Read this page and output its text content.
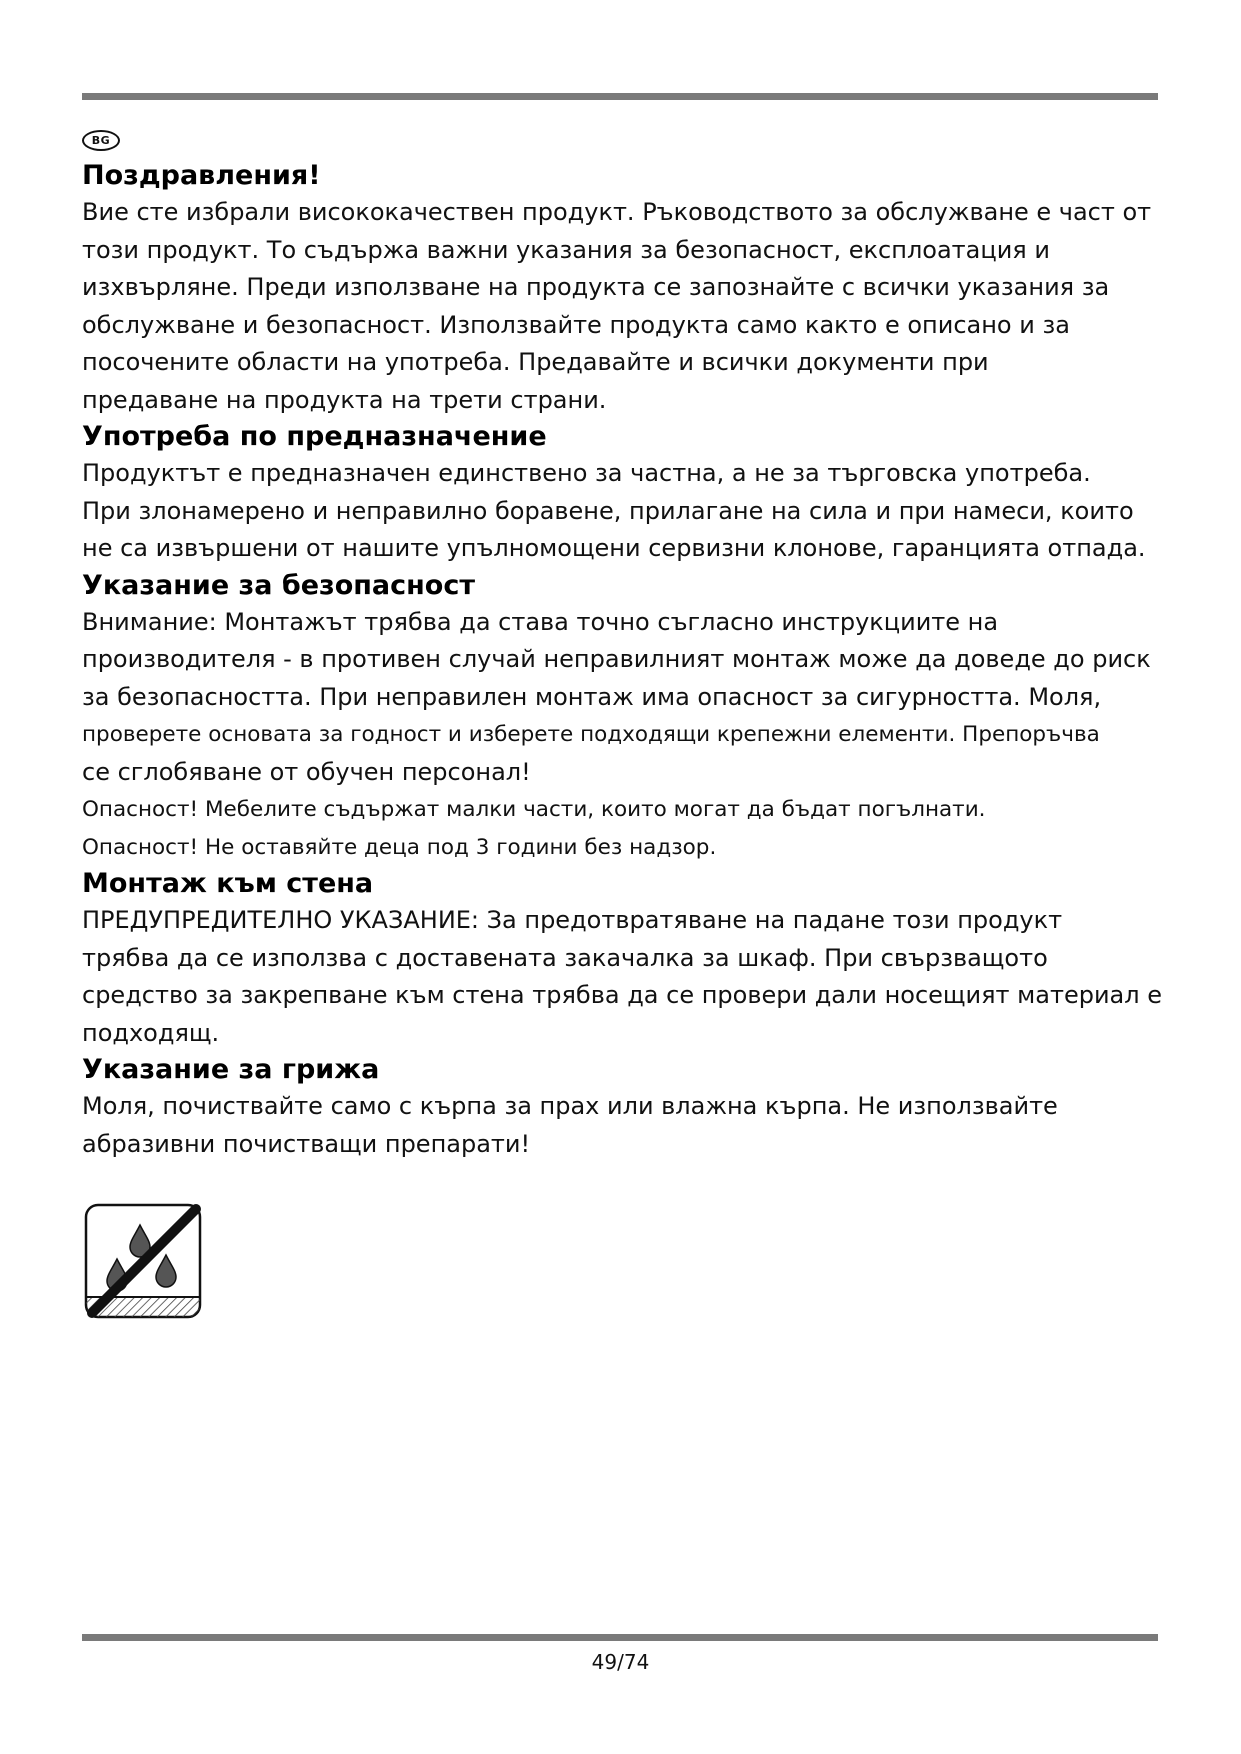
BG
Поздравления!

Вие сте избрали висококачествен продукт. Ръководството за обслужване е част от
този продукт. То съдържа важни указания за безопасност, експлоатация и
изхвърляне. Преди използване на продукта се запознайте с всички указания за
обслужване и безопасност. Използвайте продукта само както е описано и за
посочените области на употреба. Предавайте и всички документи при
предаване на продукта на трети страни.

Употреба по предназначение

Продуктът е предназначен единствено за частна, а не за търговска употреба.
При злонамерено и неправилно боравене, прилагане на сила и при намеси, които
не са извършени от нашите упълномощени сервизни клонове, гаранцията отпада.

Указание за безопасност

Внимание: Монтажът трябва да става точно съгласно инструкциите на
производителя - в противен случай неправилният монтаж може да доведе до риск
за безопасността. При неправилен монтаж има опасност за сигурността. Моля,
проверете основата за годност и изберете подходящи крепежни елементи. Препоръчва
се сглобяване от обучен персонал!
Опасност! Мебелите съдържат малки части, които могат да бъдат погълнати.
Опасност! Не оставяйте деца под 3 години без надзор.

Монтаж към стена

ПРЕДУПРЕДИТЕЛНО УКАЗАНИЕ: За предотвратяване на падане този продукт
трябва да се използва с доставената закачалка за шкаф. При свързващото
средство за закрепване към стена трябва да се провери дали носещият материал е
подходящ.

Указание за грижа

Моля, почиствайте само с кърпа за прах или влажна кърпа. Не използвайте
абразивни почистващи препарати!

49/74
